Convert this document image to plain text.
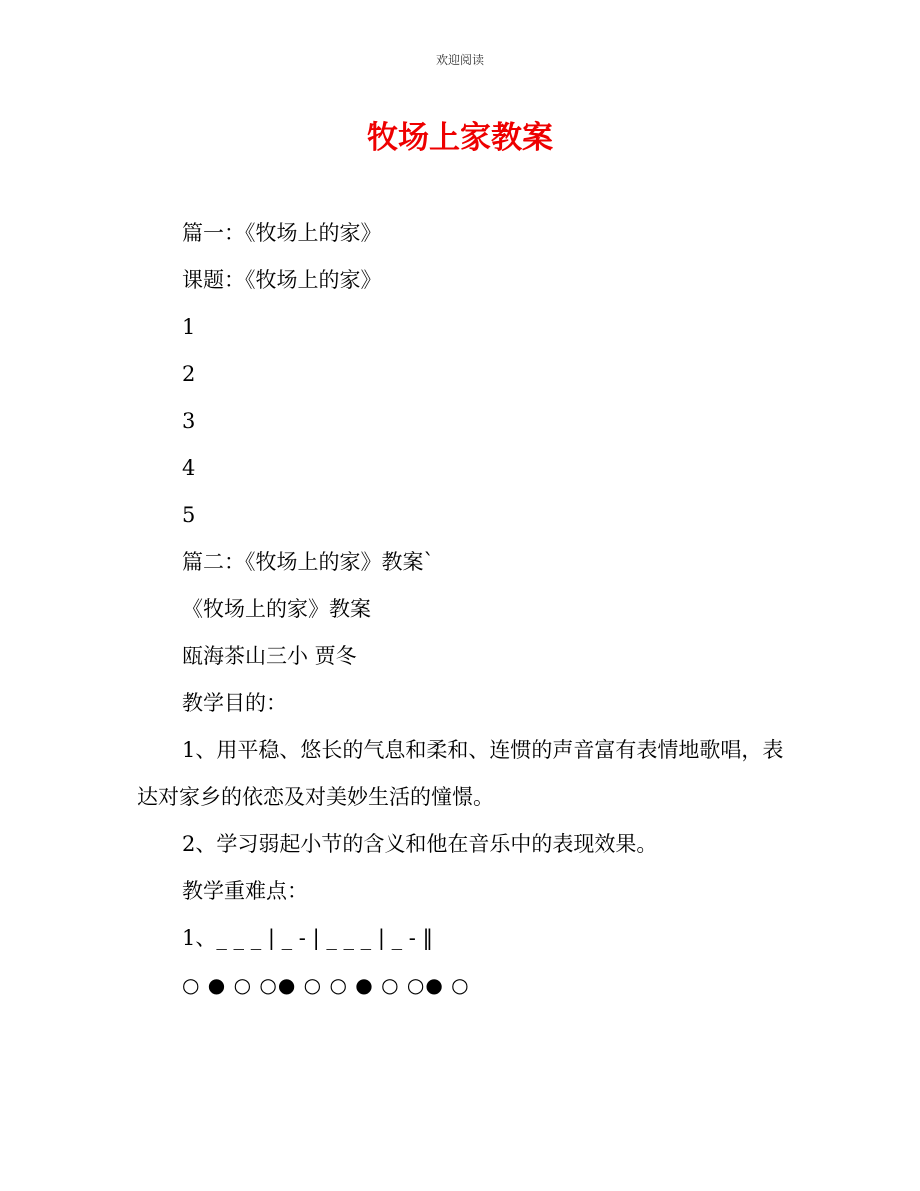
欢迎阅读
牧场上家教案
篇一：《牧场上的家》
课题：《牧场上的家》
1
2
3
4
5
篇二：《牧场上的家》教案`
《牧场上的家》教案
瓯海茶山三小 贾冬
教学目的：
1、用平稳、悠长的气息和柔和、连惯的声音富有表情地歌唱，表达对家乡的依恋及对美妙生活的憧憬。
2、学习弱起小节的含义和他在音乐中的表现效果。
教学重难点：
1、_ _ _ | _ - | _ _ _ | _ - ‖
○ ● ○ ○● ○ ○ ● ○ ○● ○
